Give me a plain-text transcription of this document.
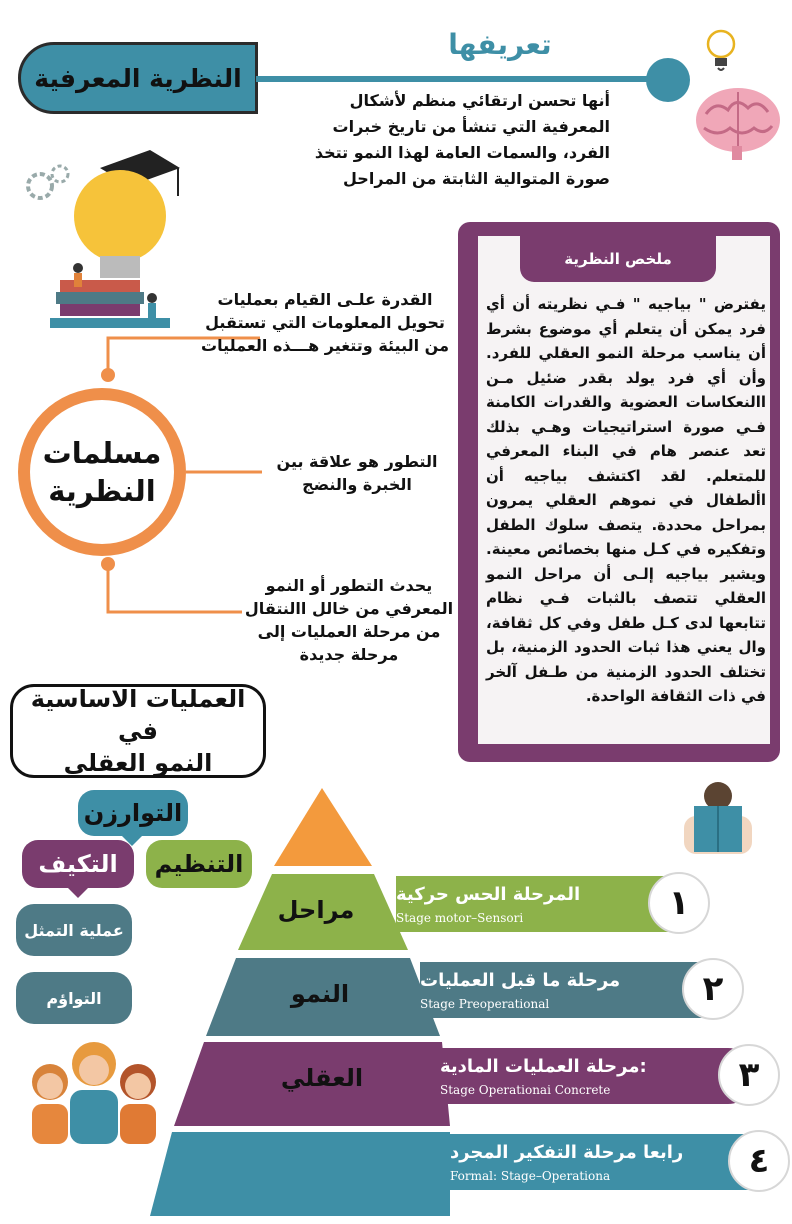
النظرية المعرفية
تعريفها
أنها تحسن ارتقائي منظم لأشكال المعرفية التي تنشأ من تاريخ خبرات الفرد، والسمات العامة لهذا النمو تتخذ صورة المتوالية الثابتة من المراحل
ملخص النظرية
يفترض " بياجيه " فـي نظريته أن أي فرد يمكن أن يتعلم أي موضوع بشرط أن يناسب مرحلة النمو العقلي للفرد. وأن أي فرد يولد بقدر ضئيل مـن االنعكاسات العضوية والقدرات الكامنة فـي صورة استراتيجيات وهـي بذلك تعد عنصر هام في البناء المعرفي للمتعلم. لقد اكتشف بياجيه أن األطفال في نموهم العقلي يمرون بمراحل محددة. يتصف سلوك الطفل وتفكيره في كـل منها بخصائص معينة. ويشير بياجيه إلـى أن مراحل النمو العقلي تتصف بالثبات فـي نظام تتابعها لدى كـل طفل وفي كل ثقافة، وال يعني هذا ثبات الحدود الزمنية، بل تختلف الحدود الزمنية من طـفل آلخر في ذات الثقافة الواحدة.
مسلمات
النظرية
القدرة علـى القيام بعمليات تحويل المعلومات التي تستقبل من البيئة وتتغير هـــذه العمليات
التطور هو علاقة بين الخبرة والنضج
يحدث التطور أو النمو المعرفي من خالل االنتقال من مرحلة العمليات إلى مرحلة جديدة
العمليات الاساسية في
النمو العقلي
التوارزن
التنظيم
التكيف
عملية التمثل
التواؤم
المرحلة الحس حركية
Stage motor–Sensori
مرحلة ما قبل العمليات
Stage Preoperational
:مرحلة العمليات المادية
Stage Operationai Concrete
رابعا مرحلة التفكير المجرد
Formal: Stage–Operationa
١
٢
٣
٤
مراحل
النمو
العقلي
